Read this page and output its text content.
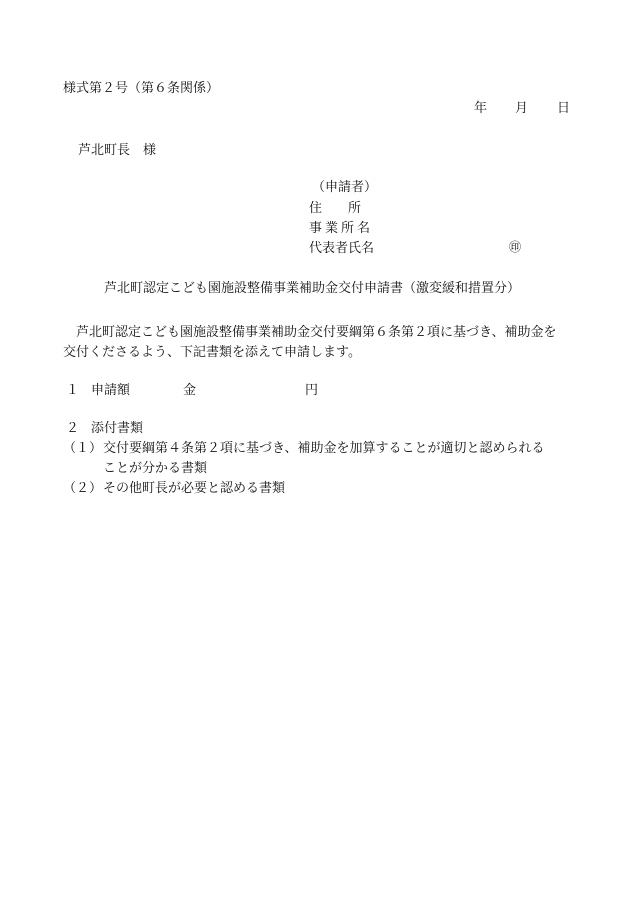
様式第２号（第６条関係）
年 月 日
芦北町長　様
（申請者）
住　　所
事業所名
代表者氏名	㊞
芦北町認定こども園施設整備事業補助金交付申請書（激変緩和措置分）
芦北町認定こども園施設整備事業補助金交付要綱第６条第２項に基づき、補助金を交付くださるよう、下記書類を添えて申請します。
１ 申請額	金	円
２ 添付書類
（１）交付要綱第４条第２項に基づき、補助金を加算することが適切と認められる
ことが分かる書類
（２）その他町長が必要と認める書類
